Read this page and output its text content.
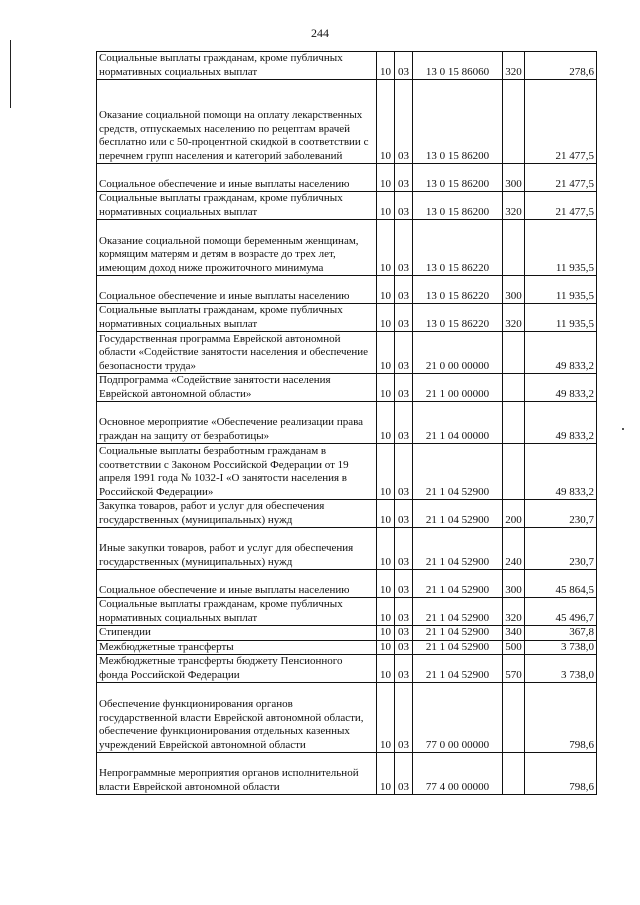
244
Социальные выплаты гражданам, кроме публичных нормативных социальных выплат	10	03	13 0 15 86060	320	278,6
Оказание социальной помощи на оплату лекарственных средств, отпускаемых населению по рецептам врачей бесплатно или с 50-процентной скидкой в соответствии с перечнем групп населения и категорий заболеваний	10	03	13 0 15 86200		21 477,5
Социальное обеспечение и иные выплаты населению	10	03	13 0 15 86200	300	21 477,5
Социальные выплаты гражданам, кроме публичных нормативных социальных выплат	10	03	13 0 15 86200	320	21 477,5
Оказание социальной помощи беременным женщинам, кормящим матерям и детям в возрасте до трех лет, имеющим доход ниже прожиточного минимума	10	03	13 0 15 86220		11 935,5
Социальное обеспечение и иные выплаты населению	10	03	13 0 15 86220	300	11 935,5
Социальные выплаты гражданам, кроме публичных нормативных социальных выплат	10	03	13 0 15 86220	320	11 935,5
Государственная программа Еврейской автономной области «Содействие занятости населения и обеспечение безопасности труда»	10	03	21 0 00 00000		49 833,2
Подпрограмма «Содействие занятости населения Еврейской автономной области»	10	03	21 1 00 00000		49 833,2
Основное мероприятие «Обеспечение реализации права граждан на защиту от безработицы»	10	03	21 1 04 00000		49 833,2
Социальные выплаты безработным гражданам в соответствии с Законом Российской Федерации от 19 апреля 1991 года № 1032-I «О занятости населения в Российской Федерации»	10	03	21 1 04 52900		49 833,2
Закупка товаров, работ и услуг для обеспечения государственных (муниципальных) нужд	10	03	21 1 04 52900	200	230,7
Иные закупки товаров, работ и услуг для обеспечения государственных (муниципальных) нужд	10	03	21 1 04 52900	240	230,7
Социальное обеспечение и иные выплаты населению	10	03	21 1 04 52900	300	45 864,5
Социальные выплаты гражданам, кроме публичных нормативных социальных выплат	10	03	21 1 04 52900	320	45 496,7
Стипендии	10	03	21 1 04 52900	340	367,8
Межбюджетные трансферты	10	03	21 1 04 52900	500	3 738,0
Межбюджетные трансферты бюджету Пенсионного фонда Российской Федерации	10	03	21 1 04 52900	570	3 738,0
Обеспечение функционирования органов государственной власти Еврейской автономной области, обеспечение функционирования отдельных казенных учреждений Еврейской автономной области	10	03	77 0 00 00000		798,6
Непрограммные мероприятия органов исполнительной власти Еврейской автономной области	10	03	77 4 00 00000		798,6
